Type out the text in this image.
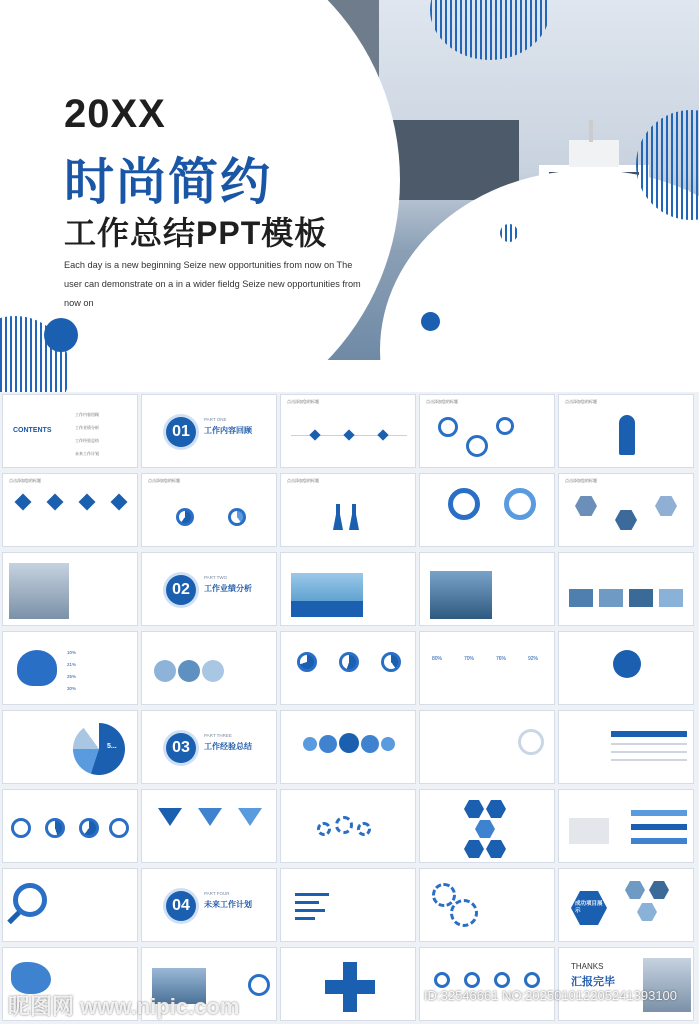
20XX
时尚简约
工作总结PPT模板
Each day is a new beginning Seize new opportunities from now on The user can demonstrate on a in a wider fieldg Seize new opportunities from now on
CONTENTS
工作内容回顾
工作业绩分析
工作经验总结
未来工作计划
01
PART ONE
工作内容回顾
点击添加您的标题	点击添加您的标题	点击添加您的标题
点击添加您的标题	点击添加您的标题	点击添加您的标题	点击添加您的标题
02
PART TWO
工作业绩分析
10%
21%
25%
30%
80%	70%	76%	92%
5...	03
PART THREE
工作经验总结
04
PART FOUR
未来工作计划	成功项目展示
THANKS
汇报完毕
昵图网 www.nipic.com	ID:32546661 NO:20250101220524139310​0
